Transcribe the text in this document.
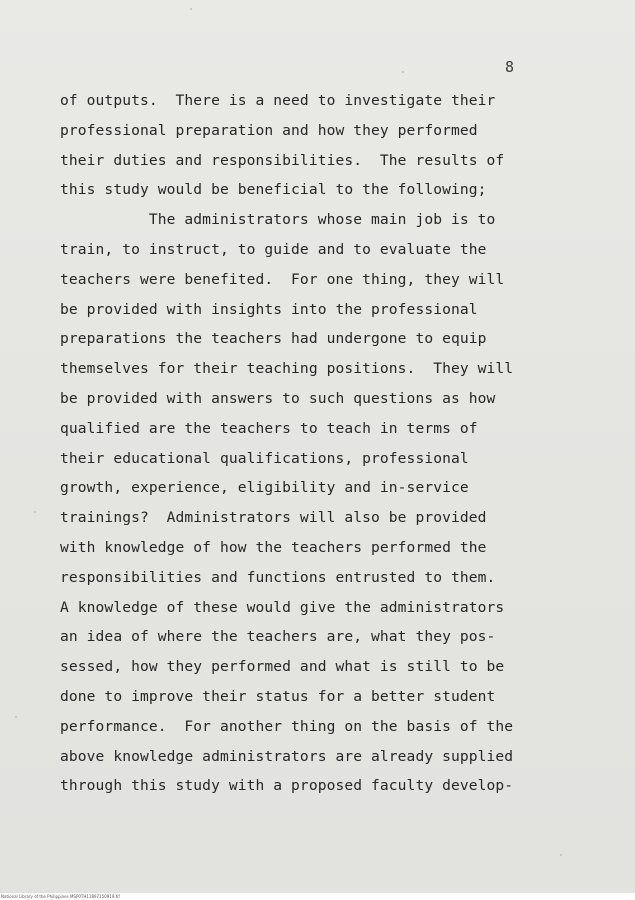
8
of outputs.  There is a need to investigate their
professional preparation and how they performed
their duties and responsibilities.  The results of
this study would be beneficial to the following;
The administrators whose main job is to
train, to instruct, to guide and to evaluate the
teachers were benefited.  For one thing, they will
be provided with insights into the professional
preparations the teachers had undergone to equip
themselves for their teaching positions.  They will
be provided with answers to such questions as how
qualified are the teachers to teach in terms of
their educational qualifications, professional
growth, experience, eligibility and in-service
trainings?  Administrators will also be provided
with knowledge of how the teachers performed the
responsibilities and functions entrusted to them.
A knowledge of these would give the administrators
an idea of where the teachers are, what they pos-
sessed, how they performed and what is still to be
done to improve their status for a better student
performance.  For another thing on the basis of the
above knowledge administrators are already supplied
through this study with a proposed faculty develop-
National Library of the Philippines MSP0TH11897150919.tif
